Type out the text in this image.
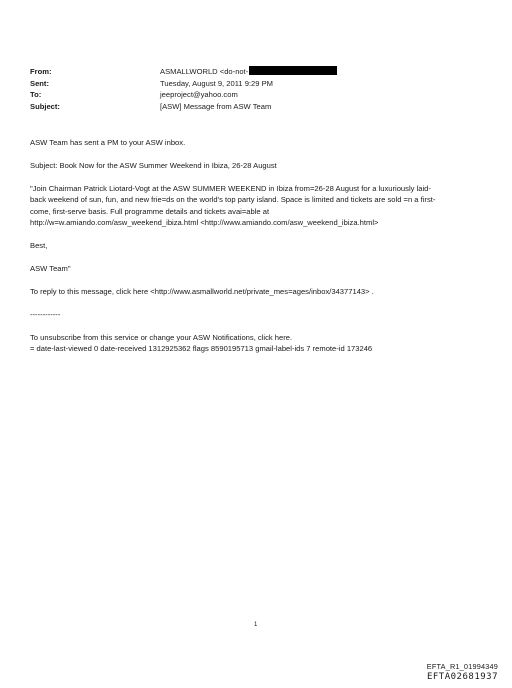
From:	ASMALLWORLD <do-not-
Sent:	Tuesday, August 9, 2011 9:29 PM
To:	jeeproject@yahoo.com
Subject:	[ASW] Message from ASW Team

ASW Team has sent a PM to your ASW inbox.

Subject: Book Now for the ASW Summer Weekend in Ibiza, 26-28 August

"Join Chairman Patrick Liotard-Vogt at the ASW SUMMER WEEKEND in Ibiza from=26-28 August for a luxuriously laid-
back weekend of sun, fun, and new frie=ds on the world's top party island. Space is limited and tickets are sold =n a first-
come, first-serve basis. Full programme details and tickets avai=able at
http://w=w.amiando.com/asw_weekend_ibiza.html <http://www.amiando.com/asw_weekend_ibiza.html>

Best,

ASW Team"

To reply to this message, click here <http://www.asmallworld.net/private_mes=ages/inbox/34377143> .

------------

To unsubscribe from this service or change your ASW Notifications, click here.

= date-last-viewed 0 date-received 1312925362 flags 8590195713 gmail-label-ids 7 remote-id 173246

1
EFTA_R1_01994349
EFTA02681937
